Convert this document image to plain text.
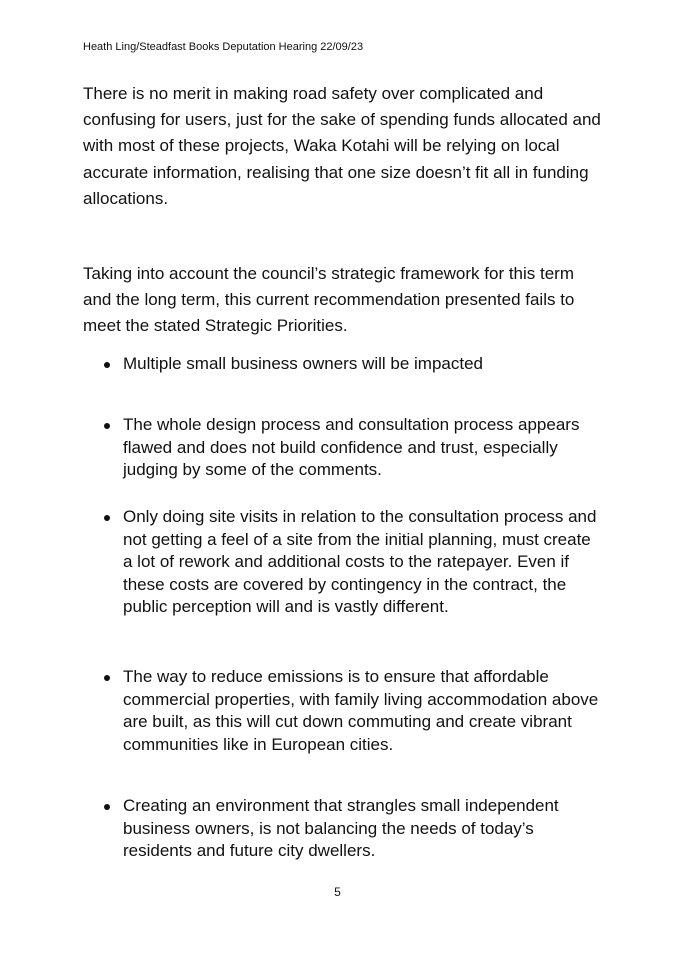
Heath Ling/Steadfast Books Deputation Hearing 22/09/23

There is no merit in making road safety over complicated and confusing for users, just for the sake of spending funds allocated and with most of these projects, Waka Kotahi will be relying on local accurate information, realising that one size doesn’t fit all in funding allocations.

Taking into account the council’s strategic framework for this term and the long term, this current recommendation presented fails to meet the stated Strategic Priorities.

Multiple small business owners will be impacted
The whole design process and consultation process appears flawed and does not build confidence and trust, especially judging by some of the comments.
Only doing site visits in relation to the consultation process and not getting a feel of a site from the initial planning, must create a lot of rework and additional costs to the ratepayer. Even if these costs are covered by contingency in the contract, the public perception will and is vastly different.
The way to reduce emissions is to ensure that affordable commercial properties, with family living accommodation above are built, as this will cut down commuting and create vibrant communities like in European cities.
Creating an environment that strangles small independent business owners, is not balancing the needs of today’s residents and future city dwellers.
5
